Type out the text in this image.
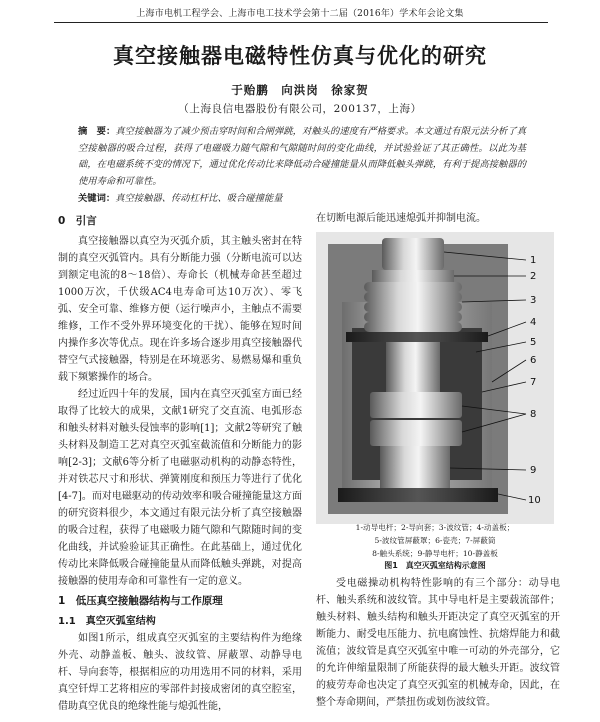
上海市电机工程学会、上海市电工技术学会第十二届（2016年）学术年会论文集
真空接触器电磁特性仿真与优化的研究
于贻鹏　向洪岗　徐家贺
（上海良信电器股份有限公司，200137，上海）
摘　要：真空接触器为了减少预击穿时间和合闸弹跳，对触头的速度有严格要求。本文通过有限元法分析了真空接触器的吸合过程，获得了电磁吸力随气隙和气隙随时间的变化曲线，并试验验证了其正确性。以此为基础，在电磁系统不变的情况下，通过优化传动比来降低动合碰撞能量从而降低触头弹跳，有利于提高接触器的使用寿命和可靠性。
关键词：真空接触器、传动杠杆比、吸合碰撞能量
0　引言
真空接触器以真空为灭弧介质，其主触头密封在特制的真空灭弧管内。具有分断能力强（分断电流可以达到额定电流的8～18倍）、寿命长（机械寿命甚至超过1000万次，千伏级AC4电寿命可达10万次）、零飞弧、安全可靠、维修方便（运行噪声小，主触点不需要维修，工作不受外界环境变化的干扰）、能够在短时间内操作多次等优点。现在许多场合逐步用真空接触器代替空气式接触器，特别是在环境恶劣、易燃易爆和重负载下频繁操作的场合。
经过近四十年的发展，国内在真空灭弧室方面已经取得了比较大的成果，文献1研究了交直流、电弧形态和触头材料对触头侵蚀率的影响[1]；文献2等研究了触头材料及制造工艺对真空灭弧室截流值和分断能力的影响[2-3]；文献6等分析了电磁驱动机构的动静态特性，并对铁芯尺寸和形状、弹簧刚度和预压力等进行了优化[4-7]。而对电磁驱动的传动效率和吸合碰撞能量这方面的研究资料很少，本文通过有限元法分析了真空接触器的吸合过程，获得了电磁吸力随气隙和气隙随时间的变化曲线，并试验验证其正确性。在此基础上，通过优化传动比来降低吸合碰撞能量从而降低触头弹跳，对提高接触器的使用寿命和可靠性有一定的意义。
1　低压真空接触器结构与工作原理
1.1　真空灭弧室结构
如图1所示，组成真空灭弧室的主要结构件为绝缘外壳、动静盖板、触头、波纹管、屏蔽罩、动静导电杆、导向套等，根据相应的功用选用不同的材料，采用真空钎焊工艺将相应的零部件封接成密闭的真空腔室，借助真空优良的绝缘性能与熄弧性能，
在切断电源后能迅速熄弧并抑制电流。
1
2
3
4
5
6
7
8
9
10
1-动导电杆；2-导向套；3-波纹管；4-动盖板；
5-波纹管屏蔽罩；6-瓷壳；7-屏蔽筒
8-触头系统；9-静导电杆；10-静盖板
图1　真空灭弧室结构示意图
受电磁操动机构特性影响的有三个部分：动导电杆、触头系统和波纹管。其中导电杆是主要载流部件；触头材料、触头结构和触头开距决定了真空灭弧室的开断能力、耐受电压能力、抗电腐蚀性、抗熔焊能力和截流值；波纹管是真空灭弧室中唯一可动的外壳部分，它的允许伸缩量限制了所能获得的最大触头开距。波纹管的疲劳寿命也决定了真空灭弧室的机械寿命，因此，在整个寿命期间，严禁扭伤或划伤波纹管。
